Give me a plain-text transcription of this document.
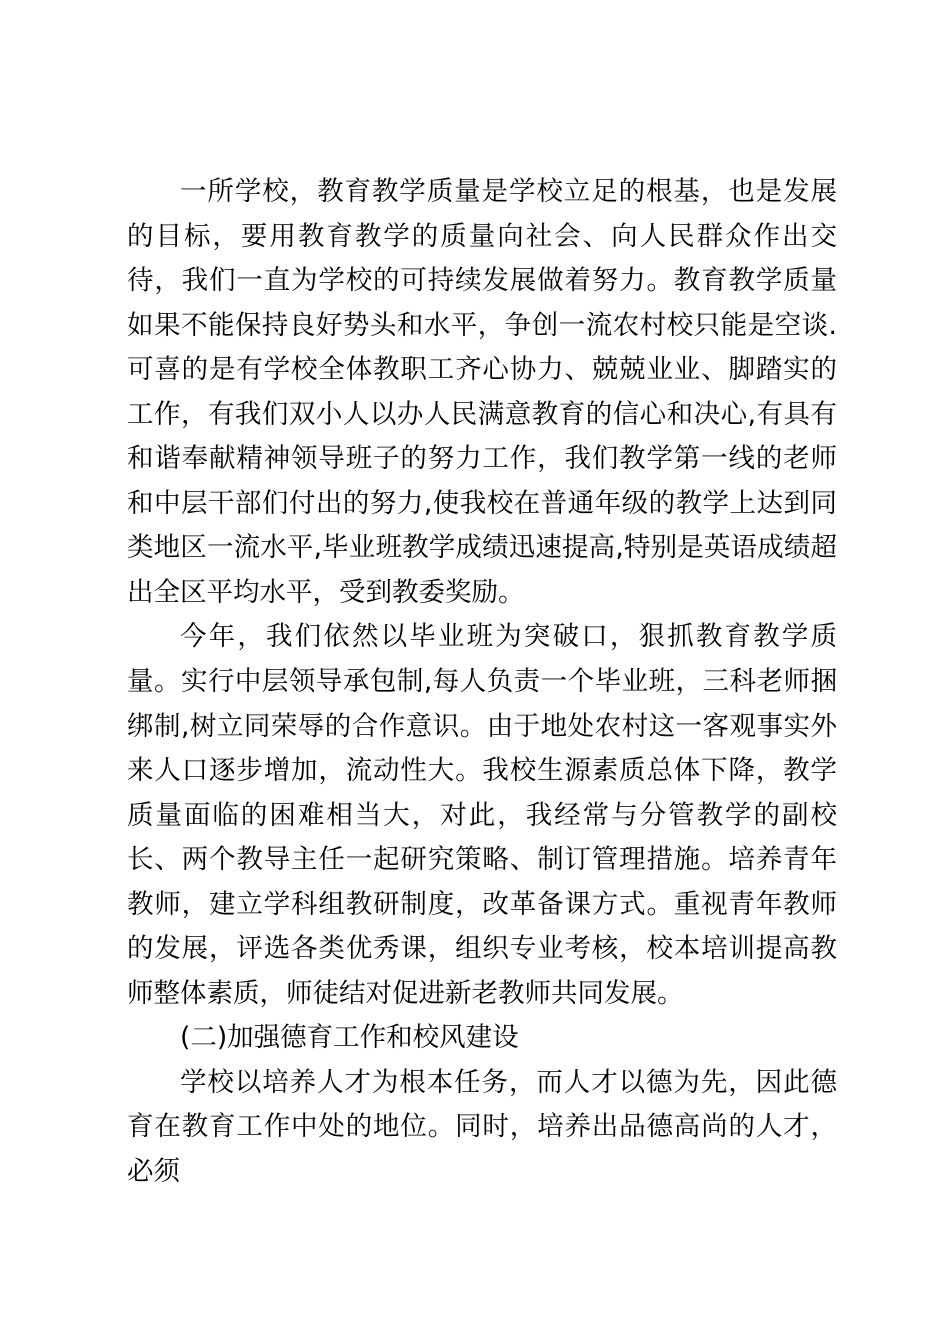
一所学校，教育教学质量是学校立足的根基，也是发展的目标，要用教育教学的质量向社会、向人民群众作出交待，我们一直为学校的可持续发展做着努力。教育教学质量如果不能保持良好势头和水平，争创一流农村校只能是空谈.可喜的是有学校全体教职工齐心协力、兢兢业业、脚踏实的工作，有我们双小人以办人民满意教育的信心和决心,有具有和谐奉献精神领导班子的努力工作，我们教学第一线的老师和中层干部们付出的努力,使我校在普通年级的教学上达到同类地区一流水平,毕业班教学成绩迅速提高,特别是英语成绩超出全区平均水平，受到教委奖励。

今年，我们依然以毕业班为突破口，狠抓教育教学质量。实行中层领导承包制,每人负责一个毕业班，三科老师捆绑制,树立同荣辱的合作意识。由于地处农村这一客观事实外来人口逐步增加，流动性大。我校生源素质总体下降，教学质量面临的困难相当大，对此，我经常与分管教学的副校长、两个教导主任一起研究策略、制订管理措施。培养青年教师，建立学科组教研制度，改革备课方式。重视青年教师的发展，评选各类优秀课，组织专业考核，校本培训提高教师整体素质，师徒结对促进新老教师共同发展。

(二)加强德育工作和校风建设

学校以培养人才为根本任务，而人才以德为先，因此德育在教育工作中处的地位。同时，培养出品德高尚的人才，必须
